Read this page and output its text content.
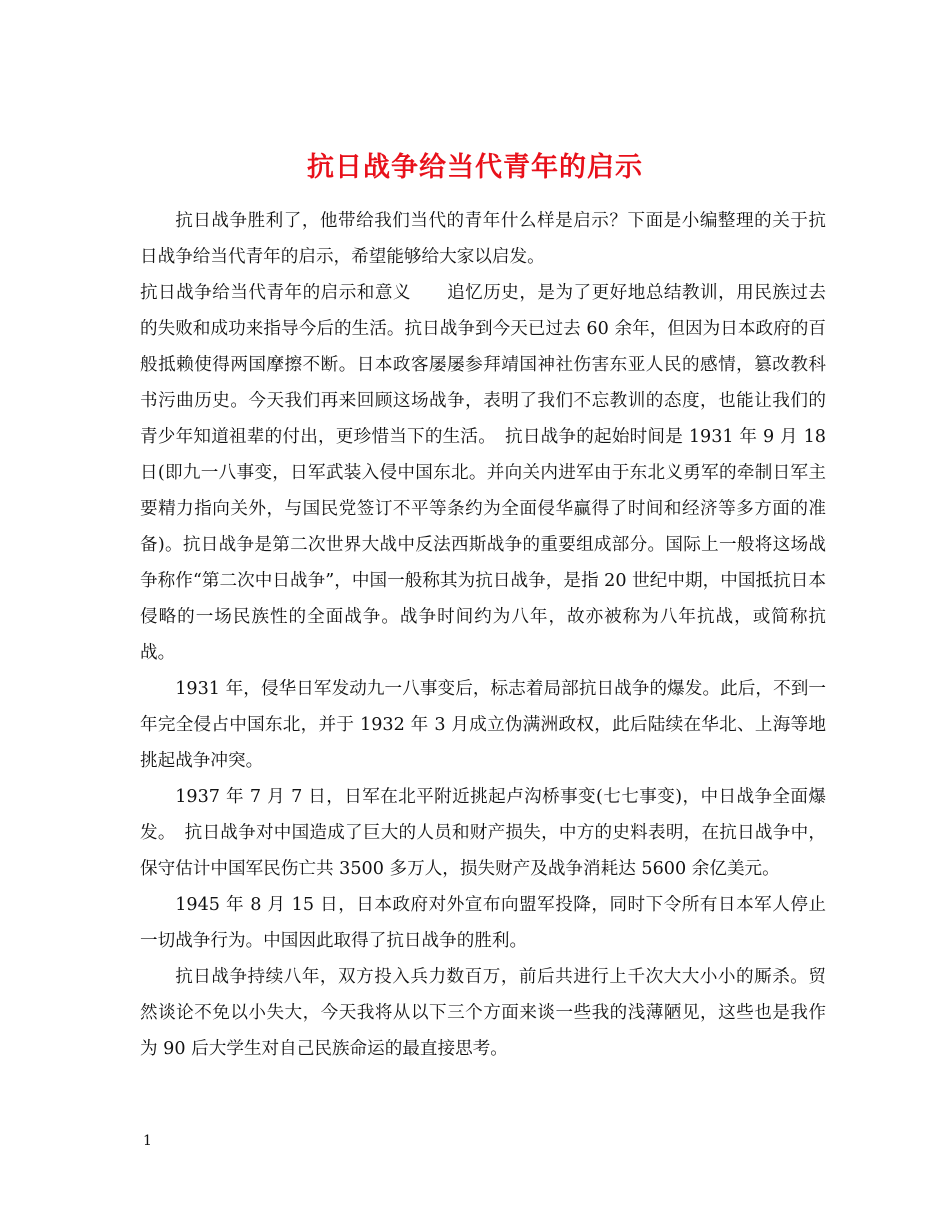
抗日战争给当代青年的启示

抗日战争胜利了，他带给我们当代的青年什么样是启示？下面是小编整理的关于抗日战争给当代青年的启示，希望能够给大家以启发。

抗日战争给当代青年的启示和意义　　追忆历史，是为了更好地总结教训，用民族过去的失败和成功来指导今后的生活。抗日战争到今天已过去 60 余年，但因为日本政府的百般抵赖使得两国摩擦不断。日本政客屡屡参拜靖国神社伤害东亚人民的感情，篡改教科书污曲历史。今天我们再来回顾这场战争，表明了我们不忘教训的态度，也能让我们的青少年知道祖辈的付出，更珍惜当下的生活。　抗日战争的起始时间是 1931 年 9 月 18 日(即九一八事变，日军武装入侵中国东北。并向关内进军由于东北义勇军的牵制日军主要精力指向关外，与国民党签订不平等条约为全面侵华赢得了时间和经济等多方面的准备)。抗日战争是第二次世界大战中反法西斯战争的重要组成部分。国际上一般将这场战争称作“第二次中日战争”，中国一般称其为抗日战争，是指 20 世纪中期，中国抵抗日本侵略的一场民族性的全面战争。战争时间约为八年，故亦被称为八年抗战，或简称抗战。

1931 年，侵华日军发动九一八事变后，标志着局部抗日战争的爆发。此后，不到一年完全侵占中国东北，并于 1932 年 3 月成立伪满洲政权，此后陆续在华北、上海等地挑起战争冲突。

1937 年 7 月 7 日，日军在北平附近挑起卢沟桥事变(七七事变)，中日战争全面爆发。　抗日战争对中国造成了巨大的人员和财产损失，中方的史料表明，在抗日战争中，保守估计中国军民伤亡共 3500 多万人，损失财产及战争消耗达 5600 余亿美元。

1945 年 8 月 15 日，日本政府对外宣布向盟军投降，同时下令所有日本军人停止一切战争行为。中国因此取得了抗日战争的胜利。

抗日战争持续八年，双方投入兵力数百万，前后共进行上千次大大小小的厮杀。贸然谈论不免以小失大，今天我将从以下三个方面来谈一些我的浅薄陋见，这些也是我作为 90 后大学生对自己民族命运的最直接思考。

1
